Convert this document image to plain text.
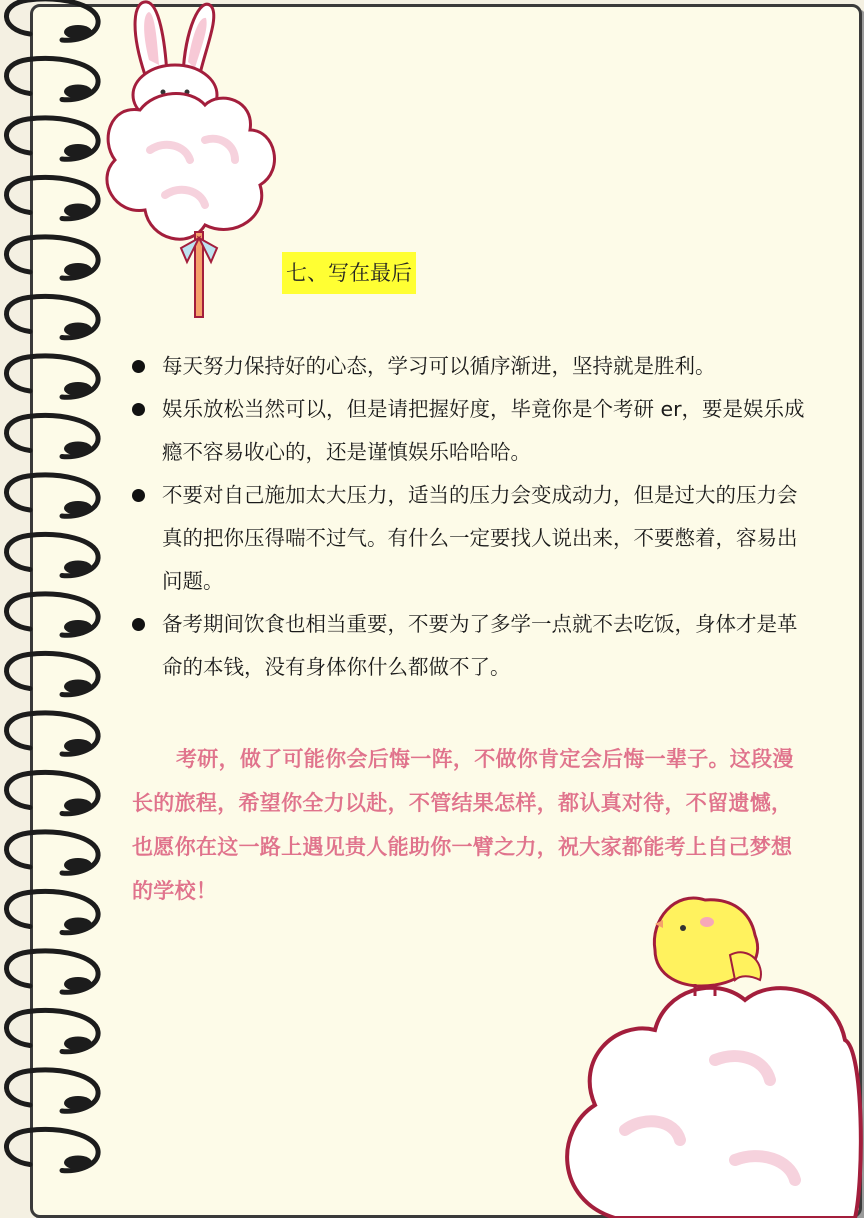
七、写在最后
每天努力保持好的心态，学习可以循序渐进，坚持就是胜利。
娱乐放松当然可以，但是请把握好度，毕竟你是个考研 er，要是娱乐成瘾不容易收心的，还是谨慎娱乐哈哈哈。
不要对自己施加太大压力，适当的压力会变成动力，但是过大的压力会真的把你压得喘不过气。有什么一定要找人说出来，不要憋着，容易出问题。
备考期间饮食也相当重要，不要为了多学一点就不去吃饭，身体才是革命的本钱，没有身体你什么都做不了。
考研，做了可能你会后悔一阵，不做你肯定会后悔一辈子。这段漫长的旅程，希望你全力以赴，不管结果怎样，都认真对待，不留遗憾，也愿你在这一路上遇见贵人能助你一臂之力，祝大家都能考上自己梦想的学校！
